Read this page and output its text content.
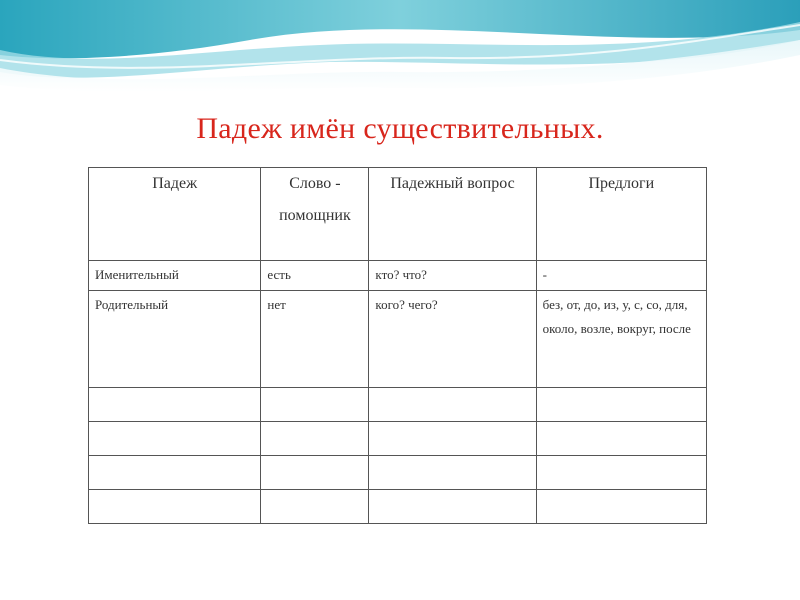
Падеж имён существительных.
Падеж	Слово - помощник	Падежный вопрос	Предлоги
Именительный	есть	кто? что?	-
Родительный	нет	кого? чего?	без, от, до, из, у, с, со, для, около, возле, вокруг, после
